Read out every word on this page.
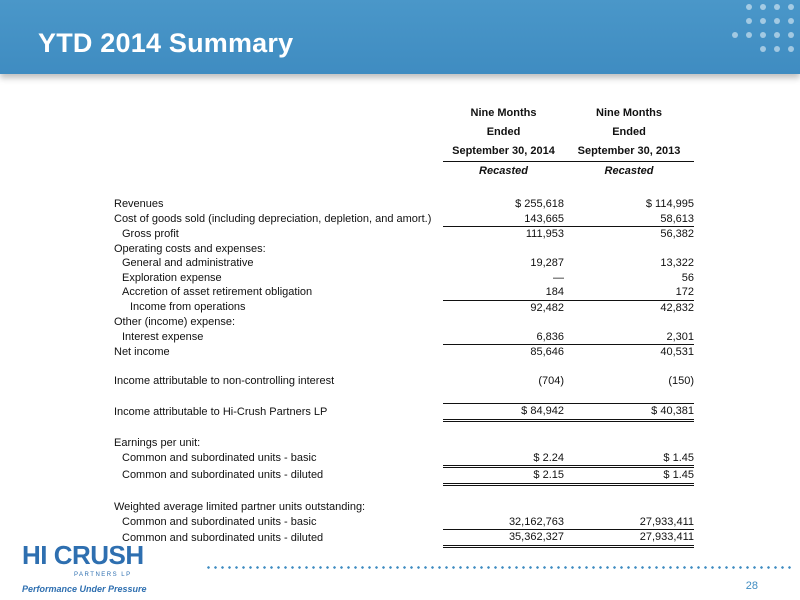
YTD 2014 Summary
	Nine Months	Nine Months
	Ended	Ended
	September 30, 2014	September 30, 2013
	Recasted	Recasted

Revenues	$ 255,618	$ 114,995
Cost of goods sold (including depreciation, depletion, and amort.)	143,665	58,613
Gross profit	111,953	56,382
Operating costs and expenses:		
General and administrative	19,287	13,322
Exploration expense	—	56
Accretion of asset retirement obligation	184	172
Income from operations	92,482	42,832
Other (income) expense:		
Interest expense	6,836	2,301
Net income	85,646	40,531

Income attributable to non-controlling interest	(704)	(150)

Income attributable to Hi-Crush Partners LP	$ 84,942	$ 40,381

Earnings per unit:		
Common and subordinated units - basic	$ 2.24	$ 1.45
Common and subordinated units - diluted	$ 2.15	$ 1.45

Weighted average limited partner units outstanding:		
Common and subordinated units - basic	32,162,763	27,933,411
Common and subordinated units - diluted	35,362,327	27,933,411
HI CRUSH
PARTNERS LP
Performance Under Pressure	28
